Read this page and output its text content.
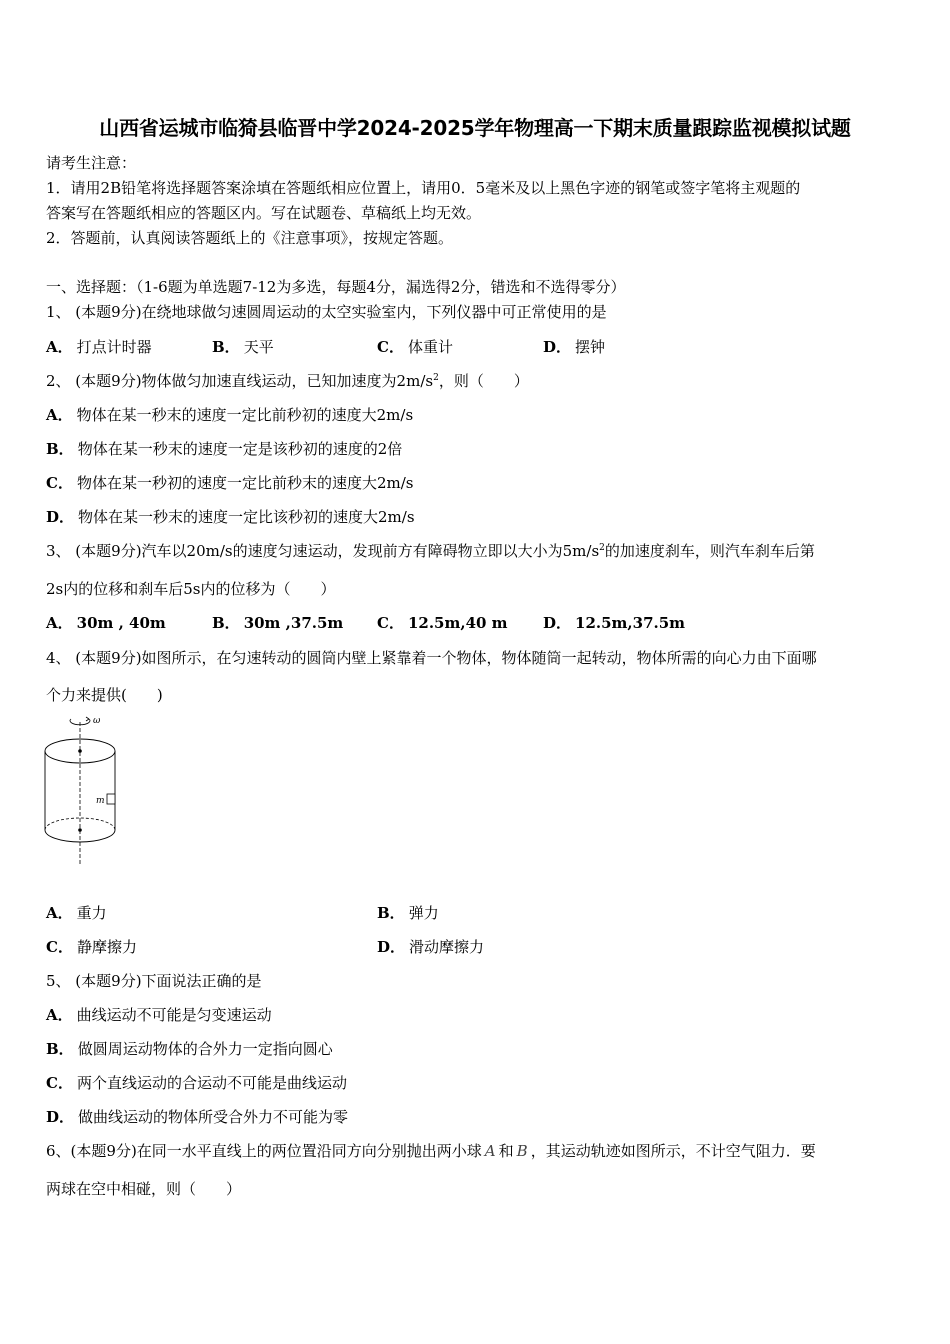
山西省运城市临猗县临晋中学2024-2025学年物理高一下期末质量跟踪监视模拟试题
请考生注意：
1．请用2B铅笔将选择题答案涂填在答题纸相应位置上，请用0．5毫米及以上黑色字迹的钢笔或签字笔将主观题的
答案写在答题纸相应的答题区内。写在试题卷、草稿纸上均无效。
2．答题前，认真阅读答题纸上的《注意事项》，按规定答题。
一、选择题：（1-6题为单选题7-12为多选，每题4分，漏选得2分，错选和不选得零分）
1、 (本题9分)在绕地球做匀速圆周运动的太空实验室内，下列仪器中可正常使用的是
A． 打点计时器	B． 天平	C． 体重计	D． 摆钟
2、 (本题9分)物体做匀加速直线运动，已知加速度为$2m/s^2$，则（　　）
A． 物体在某一秒末的速度一定比前秒初的速度大2m/s
B． 物体在某一秒末的速度一定是该秒初的速度的2倍
C． 物体在某一秒初的速度一定比前秒末的速度大2m/s
D． 物体在某一秒末的速度一定比该秒初的速度大2m/s
3、 (本题9分)汽车以20m/s的速度匀速运动，发现前方有障碍物立即以大小为$5m/s^2$的加速度刹车，则汽车刹车后第
2s内的位移和刹车后5s内的位移为（　　）
A． 30m , 40m	B． 30m ,37.5m C． 12.5m,40 m D． 12.5m,37.5m
4、 (本题9分)如图所示，在匀速转动的圆筒内壁上紧靠着一个物体，物体随筒一起转动，物体所需的向心力由下面哪
个力来提供(　　)
ω
m
A． 重力	B． 弹力
C． 静摩擦力	D． 滑动摩擦力
5、 (本题9分)下面说法正确的是
A． 曲线运动不可能是匀变速运动
B． 做圆周运动物体的合外力一定指向圆心
C． 两个直线运动的合运动不可能是曲线运动
D． 做曲线运动的物体所受合外力不可能为零
6、(本题9分)在同一水平直线上的两位置沿同方向分别抛出两小球 A 和 B ，其运动轨迹如图所示，不计空气阻力．要
两球在空中相碰，则（　　）
